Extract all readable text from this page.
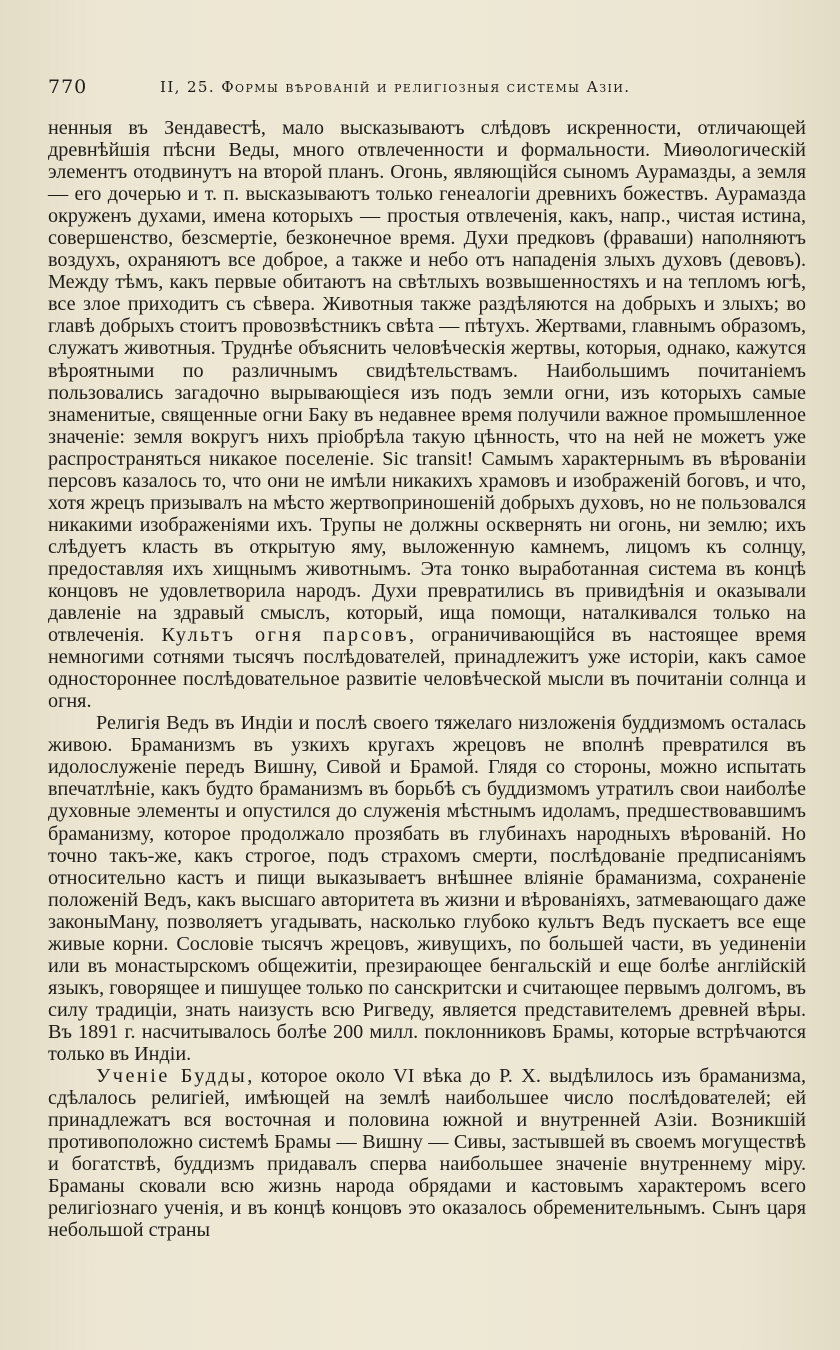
770	II, 25. Формы вѣрованій и религіозныя системы Азіи.

ненныя въ Зендавестѣ, мало высказываютъ слѣдовъ искренности, отличающей древнѣйшія пѣсни Веды, много отвлеченности и формальности. Миѳологическій элементъ отодвинутъ на второй планъ. Огонь, являющійся сыномъ Аурамазды, а земля — его дочерью и т. п. высказываютъ только генеалогіи древнихъ божествъ. Аурамазда окруженъ духами, имена которыхъ — простыя отвлеченія, какъ, напр., чистая истина, совершенство, безсмертіе, безконечное время. Духи предковъ (фраваши) наполняютъ воздухъ, охраняютъ все доброе, а также и небо отъ нападенія злыхъ духовъ (девовъ). Между тѣмъ, какъ первые обитаютъ на свѣтлыхъ возвышенностяхъ и на тепломъ югѣ, все злое приходитъ съ сѣвера. Животныя также раздѣляются на добрыхъ и злыхъ; во главѣ добрыхъ стоитъ провозвѣстникъ свѣта — пѣтухъ. Жертвами, главнымъ образомъ, служатъ животныя. Труднѣе объяснить человѣческія жертвы, которыя, однако, кажутся вѣроятными по различнымъ свидѣтельствамъ. Наибольшимъ почитаніемъ пользовались загадочно вырывающіеся изъ подъ земли огни, изъ которыхъ самые знаменитые, священные огни Баку въ недавнее время получили важное промышленное значеніе: земля вокругъ нихъ пріобрѣла такую цѣнность, что на ней не можетъ уже распространяться никакое поселеніе. Sic transit! Самымъ характернымъ въ вѣрованіи персовъ казалось то, что они не имѣли никакихъ храмовъ и изображеній боговъ, и что, хотя жрецъ призывалъ на мѣсто жертвоприношеній добрыхъ духовъ, но не пользовался никакими изображеніями ихъ. Трупы не должны осквернять ни огонь, ни землю; ихъ слѣдуетъ класть въ открытую яму, выложенную камнемъ, лицомъ къ солнцу, предоставляя ихъ хищнымъ животнымъ. Эта тонко выработанная система въ концѣ концовъ не удовлетворила народъ. Духи превратились въ привидѣнія и оказывали давленіе на здравый смыслъ, который, ища помощи, наталкивался только на отвлеченія. Культъ огня парсовъ, ограничивающійся въ настоящее время немногими сотнями тысячъ послѣдователей, принадлежитъ уже исторіи, какъ самое одностороннее послѣдовательное развитіе человѣческой мысли въ почитаніи солнца и огня.

Религія Ведъ въ Индіи и послѣ своего тяжелаго низложенія буддизмомъ осталась живою. Браманизмъ въ узкихъ кругахъ жрецовъ не вполнѣ превратился въ идолослуженіе передъ Вишну, Сивой и Брамой. Глядя со стороны, можно испытать впечатлѣніе, какъ будто браманизмъ въ борьбѣ съ буддизмомъ утратилъ свои наиболѣе духовные элементы и опустился до служенія мѣстнымъ идоламъ, предшествовавшимъ браманизму, которое продолжало прозябать въ глубинахъ народныхъ вѣрованій. Но точно такъ-же, какъ строгое, подъ страхомъ смерти, послѣдованіе предписаніямъ относительно кастъ и пищи выказываетъ внѣшнее вліяніе браманизма, сохраненіе положеній Ведъ, какъ высшаго авторитета въ жизни и вѣрованіяхъ, затмевающаго даже законыМану, позволяетъ угадывать, насколько глубоко культъ Ведъ пускаетъ все еще живые корни. Сословіе тысячъ жрецовъ, живущихъ, по большей части, въ уединеніи или въ монастырскомъ общежитіи, презирающее бенгальскій и еще болѣе англійскій языкъ, говорящее и пишущее только по санскритски и считающее первымъ долгомъ, въ силу традиціи, знать наизусть всю Ригведу, является представителемъ древней вѣры. Въ 1891 г. насчитывалось болѣе 200 милл. поклонниковъ Брамы, которые встрѣчаются только въ Индіи.

Ученіе Будды, которое около VI вѣка до Р. Х. выдѣлилось изъ браманизма, сдѣлалось религіей, имѣющей на землѣ наибольшее число послѣдователей; ей принадлежатъ вся восточная и половина южной и внутренней Азіи. Возникшій противоположно системѣ Брамы — Вишну — Сивы, застывшей въ своемъ могуществѣ и богатствѣ, буддизмъ придавалъ сперва наибольшее значеніе внутреннему міру. Браманы сковали всю жизнь народа обрядами и кастовымъ характеромъ всего религіознаго ученія, и въ концѣ концовъ это оказалось обременительнымъ. Сынъ царя небольшой страны
